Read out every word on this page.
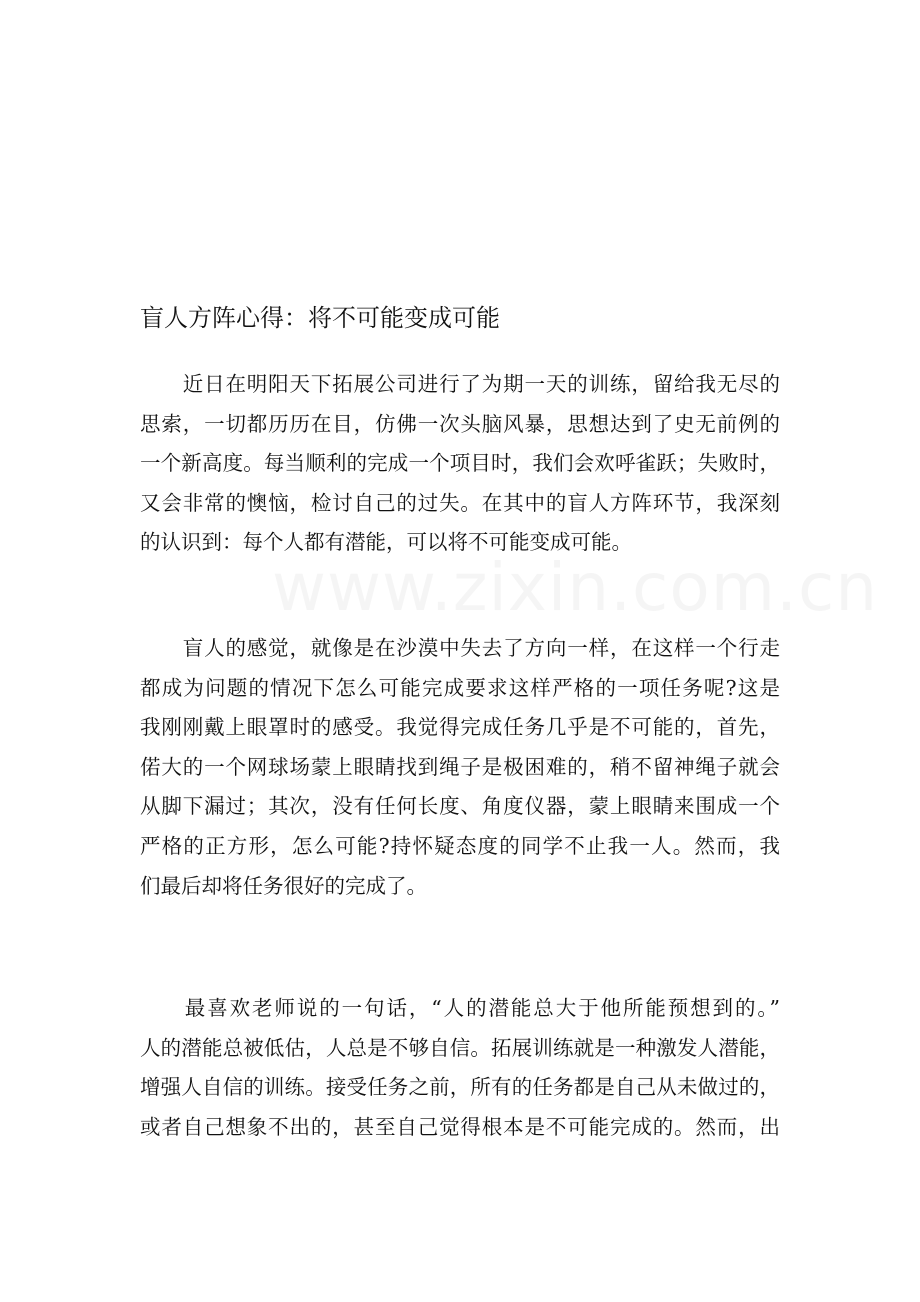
www.zixin.com.cn
盲人方阵心得：将不可能变成可能
　　近日在明阳天下拓展公司进行了为期一天的训练，留给我无尽的
思索，一切都历历在目，仿佛一次头脑风暴，思想达到了史无前例的
一个新高度。每当顺利的完成一个项目时，我们会欢呼雀跃；失败时，
又会非常的懊恼，检讨自己的过失。在其中的盲人方阵环节，我深刻
的认识到：每个人都有潜能，可以将不可能变成可能。
　　盲人的感觉，就像是在沙漠中失去了方向一样，在这样一个行走
都成为问题的情况下怎么可能完成要求这样严格的一项任务呢?这是
我刚刚戴上眼罩时的感受。我觉得完成任务几乎是不可能的，首先，
偌大的一个网球场蒙上眼睛找到绳子是极困难的，稍不留神绳子就会
从脚下漏过；其次，没有任何长度、角度仪器，蒙上眼睛来围成一个
严格的正方形，怎么可能?持怀疑态度的同学不止我一人。然而，我
们最后却将任务很好的完成了。
　　最喜欢老师说的一句话，“人的潜能总大于他所能预想到的。”
人的潜能总被低估，人总是不够自信。拓展训练就是一种激发人潜能，
增强人自信的训练。接受任务之前，所有的任务都是自己从未做过的，
或者自己想象不出的，甚至自己觉得根本是不可能完成的。然而，出
